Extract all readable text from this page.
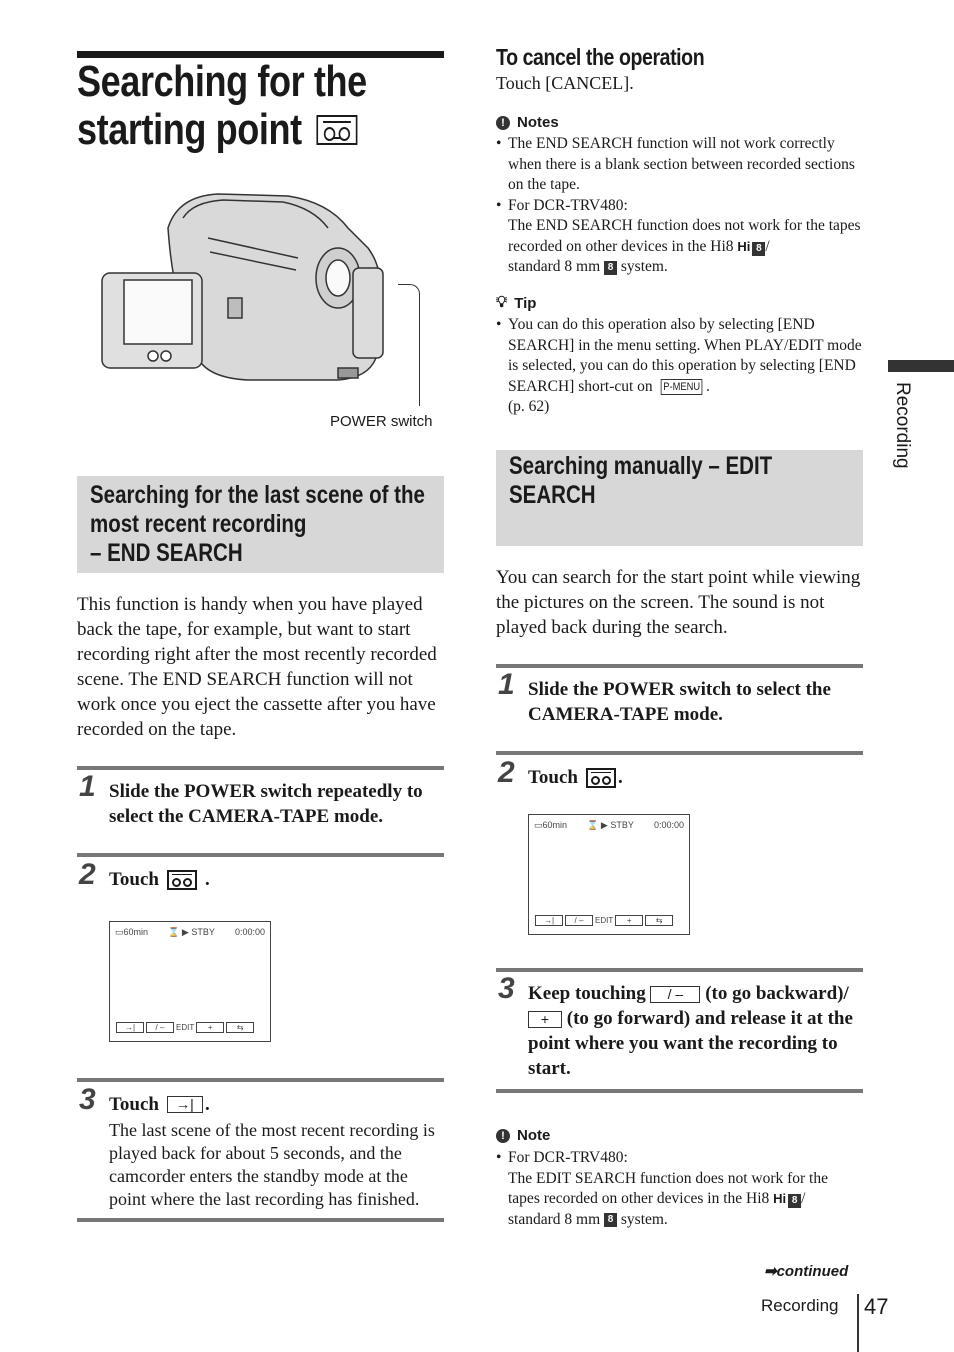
Searching for the
starting point
POWER switch
Searching for the last scene of the
most recent recording
– END SEARCH
This function is handy when you have played back the tape, for example, but want to start recording right after the most recently recorded scene. The END SEARCH function will not work once you eject the cassette after you have recorded on the tape.
1 Slide the POWER switch repeatedly to select the CAMERA-TAPE mode.
2 Touch .
▭60min ⌛ ▶ STBY 0:00:00
→|	/ – EDIT +	⇆
3 Touch	→| .
The last scene of the most recent recording is played back for about 5 seconds, and the camcorder enters the standby mode at the point where the last recording has finished.
To cancel the operation
Touch [CANCEL].
! Notes
• The END SEARCH function will not work correctly when there is a blank section between recorded sections on the tape.
• For DCR-TRV480:
The END SEARCH function does not work for the tapes recorded on other devices in the Hi8 Hi 8 /
standard 8 mm 8 system.
💡︎ Tip
• You can do this operation also by selecting [END SEARCH] in the menu setting. When PLAY/EDIT mode is selected, you can do this operation by selecting [END SEARCH] short-cut on P-MENU .
(p. 62)
Searching manually – EDIT
SEARCH
You can search for the start point while viewing the pictures on the screen. The sound is not played back during the search.
1 Slide the POWER switch to select the CAMERA-TAPE mode.
2 Touch .
▭60min ⌛ ▶ STBY 0:00:00
→|	/ – EDIT +	⇆
3 Keep touching / – (to go backward)/
+ (to go forward) and release it at the point where you want the recording to start.
! Note
• For DCR-TRV480:
The EDIT SEARCH function does not work for the tapes recorded on other devices in the Hi8 Hi 8 /
standard 8 mm 8 system.
Recording
➡continued
Recording 47
